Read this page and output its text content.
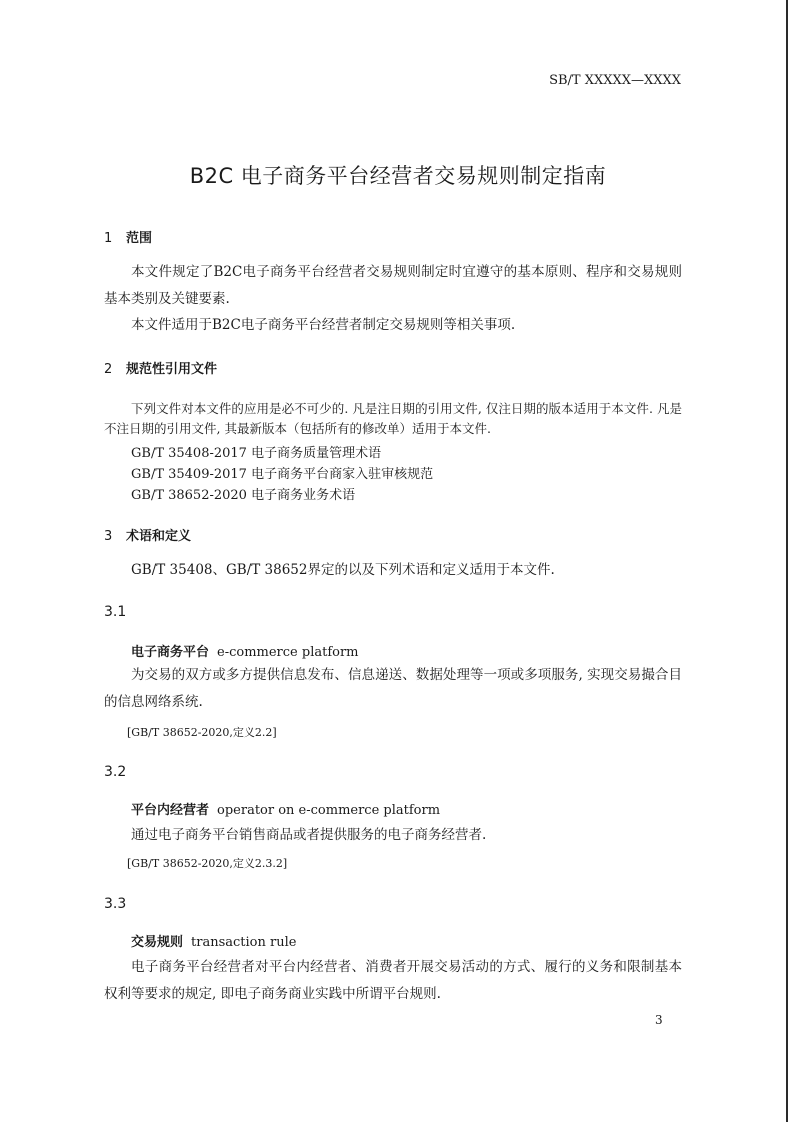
SB/T XXXXX—XXXX
B2C 电子商务平台经营者交易规则制定指南
1 范围
本文件规定了B2C电子商务平台经营者交易规则制定时宜遵守的基本原则、程序和交易规则基本类别及关键要素.
本文件适用于B2C电子商务平台经营者制定交易规则等相关事项.
2 规范性引用文件
下列文件对本文件的应用是必不可少的. 凡是注日期的引用文件, 仅注日期的版本适用于本文件. 凡是不注日期的引用文件, 其最新版本（包括所有的修改单）适用于本文件.
GB/T 35408-2017 电子商务质量管理术语
GB/T 35409-2017 电子商务平台商家入驻审核规范
GB/T 38652-2020 电子商务业务术语
3 术语和定义
GB/T 35408、GB/T 38652界定的以及下列术语和定义适用于本文件.
3.1
电子商务平台 e-commerce platform
为交易的双方或多方提供信息发布、信息递送、数据处理等一项或多项服务, 实现交易撮合目的信息网络系统.
[GB/T 38652-2020,定义2.2]
3.2
平台内经营者 operator on e-commerce platform
通过电子商务平台销售商品或者提供服务的电子商务经营者.
[GB/T 38652-2020,定义2.3.2]
3.3
交易规则 transaction rule
电子商务平台经营者对平台内经营者、消费者开展交易活动的方式、履行的义务和限制基本权利等要求的规定, 即电子商务商业实践中所谓平台规则.
3
